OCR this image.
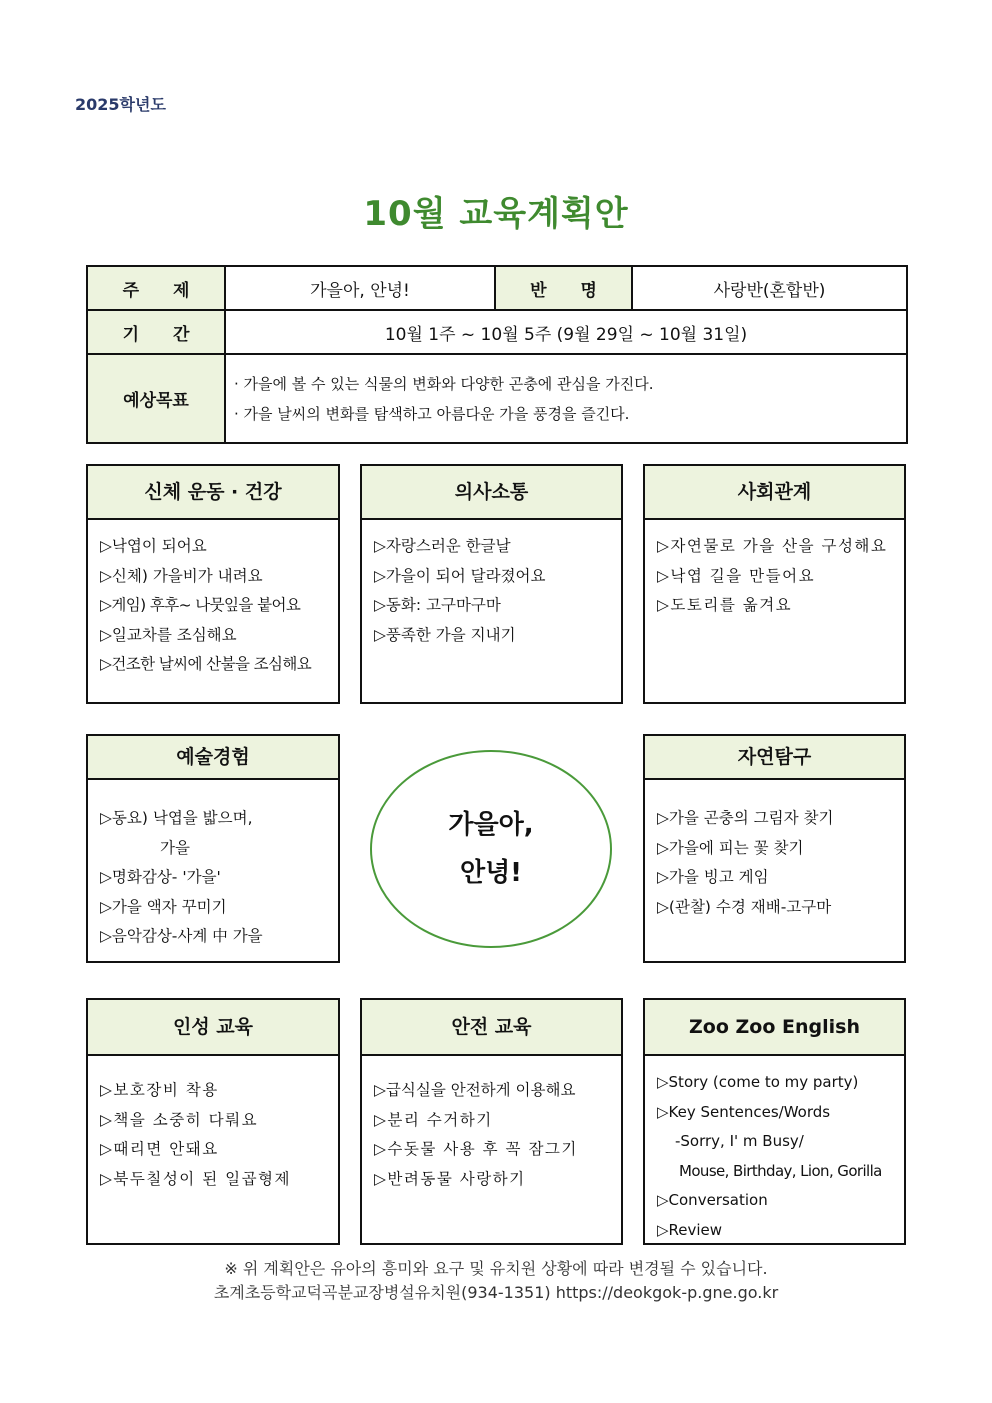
2025학년도
10월 교육계획안
주　　제	가을아, 안녕!	반　　명	사랑반(혼합반)
기　　간	10월 1주 ~ 10월 5주 (9월 29일 ~ 10월 31일)		
예상목표	· 가을에 볼 수 있는 식물의 변화와 다양한 곤충에 관심을 가진다.
· 가을 날씨의 변화를 탐색하고 아름다운 가을 풍경을 즐긴다.		
신체 운동 · 건강
▷낙엽이 되어요
▷신체) 가을비가 내려요
▷게임) 후후~ 나뭇잎을 붙어요
▷일교차를 조심해요
▷건조한 날씨에 산불을 조심해요
의사소통
▷자랑스러운 한글날
▷가을이 되어 달라졌어요
▷동화: 고구마구마
▷풍족한 가을 지내기
사회관계
▷자연물로 가을 산을 구성해요
▷낙엽 길을 만들어요
▷도토리를 옮겨요
예술경험
▷동요) 낙엽을 밟으며,
가을
▷명화감상- '가을'
▷가을 액자 꾸미기
▷음악감상-사계 中 가을
가을아,
안녕!
자연탐구
▷가을 곤충의 그림자 찾기
▷가을에 피는 꽃 찾기
▷가을 빙고 게임
▷(관찰) 수경 재배-고구마
인성 교육
▷보호장비 착용
▷책을 소중히 다뤄요
▷때리면 안돼요
▷북두칠성이 된 일곱형제
안전 교육
▷급식실을 안전하게 이용해요
▷분리 수거하기
▷수돗물 사용 후 꼭 잠그기
▷반려동물 사랑하기
Zoo Zoo English
▷Story (come to my party)
▷Key Sentences/Words
-Sorry, I' m Busy/
Mouse, Birthday, Lion, Gorilla
▷Conversation
▷Review
※ 위 계획안은 유아의 흥미와 요구 및 유치원 상황에 따라 변경될 수 있습니다.
초계초등학교덕곡분교장병설유치원(934-1351) https://deokgok-p.gne.go.kr
